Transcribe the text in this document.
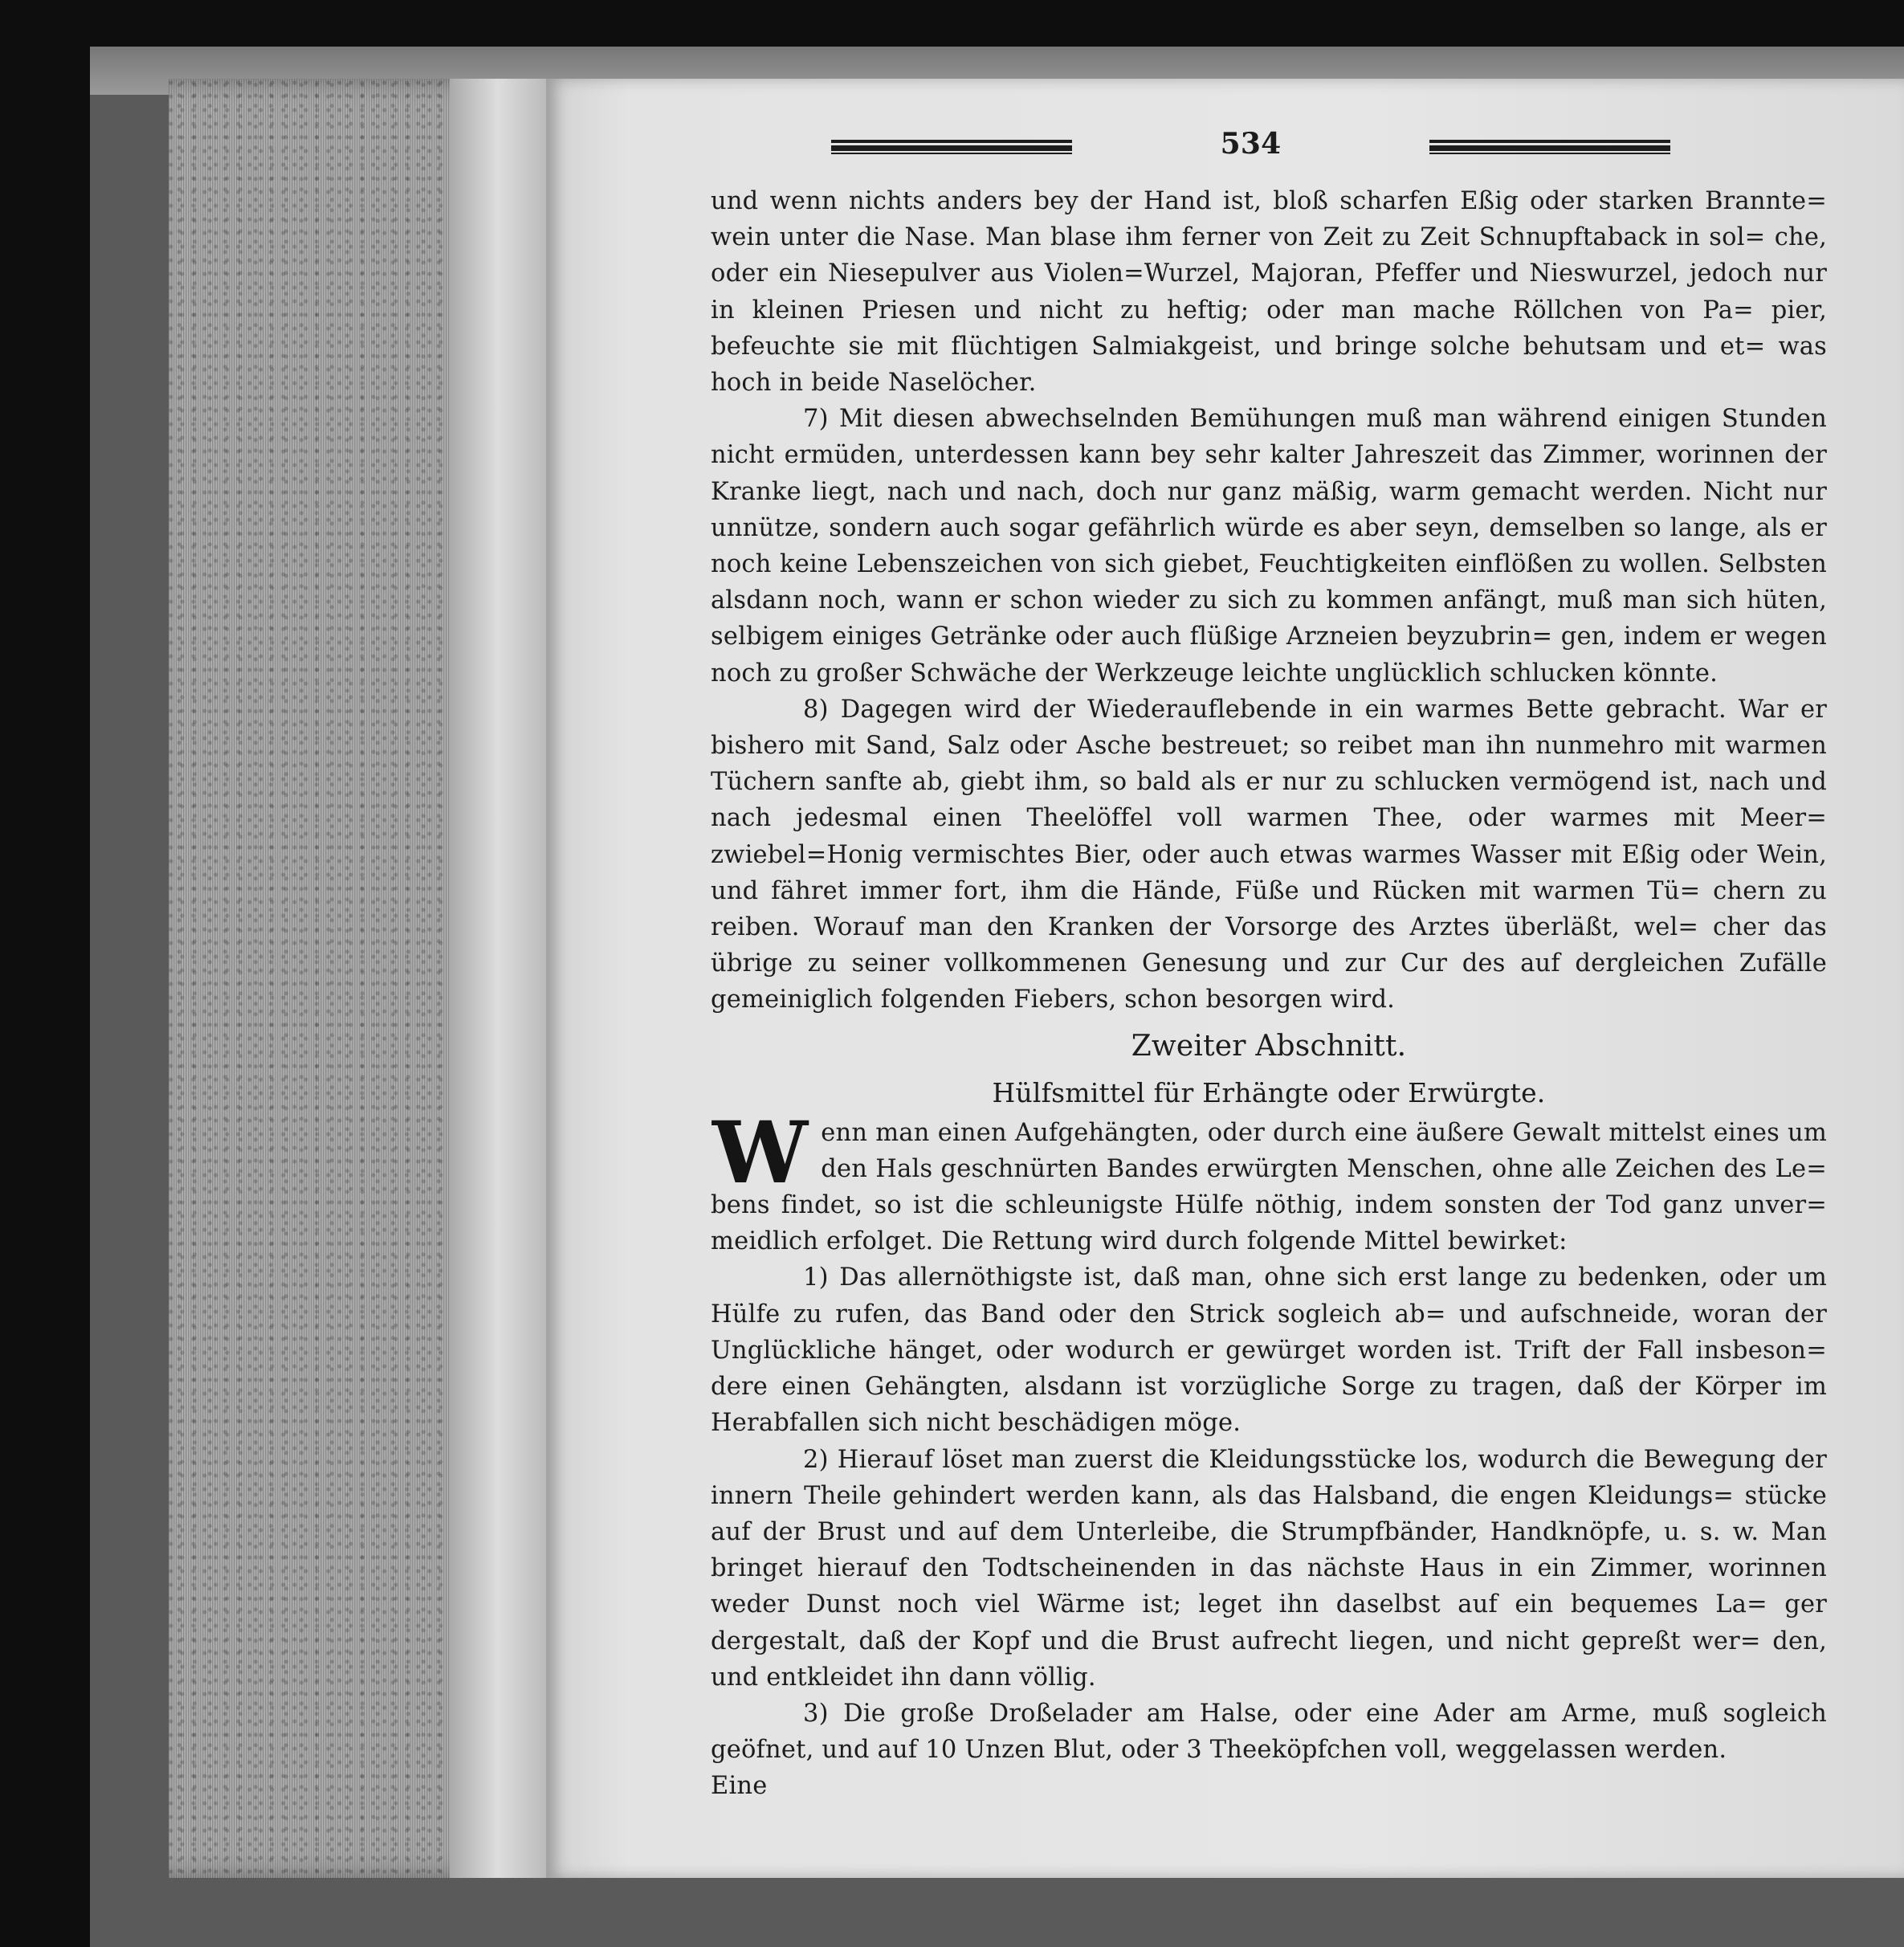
534

und wenn nichts anders bey der Hand ist, bloß scharfen Eßig oder starken Brannte= wein unter die Nase. Man blase ihm ferner von Zeit zu Zeit Schnupftaback in sol= che, oder ein Niesepulver aus Violen=Wurzel, Majoran, Pfeffer und Nieswurzel, jedoch nur in kleinen Priesen und nicht zu heftig; oder man mache Röllchen von Pa= pier, befeuchte sie mit flüchtigen Salmiakgeist, und bringe solche behutsam und et= was hoch in beide Naselöcher.

7) Mit diesen abwechselnden Bemühungen muß man während einigen Stunden nicht ermüden, unterdessen kann bey sehr kalter Jahreszeit das Zimmer, worinnen der Kranke liegt, nach und nach, doch nur ganz mäßig, warm gemacht werden. Nicht nur unnütze, sondern auch sogar gefährlich würde es aber seyn, demselben so lange, als er noch keine Lebenszeichen von sich giebet, Feuchtigkeiten einflößen zu wollen. Selbsten alsdann noch, wann er schon wieder zu sich zu kommen anfängt, muß man sich hüten, selbigem einiges Getränke oder auch flüßige Arzneien beyzubrin= gen, indem er wegen noch zu großer Schwäche der Werkzeuge leichte unglücklich schlucken könnte.

8) Dagegen wird der Wiederauflebende in ein warmes Bette gebracht. War er bishero mit Sand, Salz oder Asche bestreuet; so reibet man ihn nunmehro mit warmen Tüchern sanfte ab, giebt ihm, so bald als er nur zu schlucken vermögend ist, nach und nach jedesmal einen Theelöffel voll warmen Thee, oder warmes mit Meer= zwiebel=Honig vermischtes Bier, oder auch etwas warmes Wasser mit Eßig oder Wein, und fähret immer fort, ihm die Hände, Füße und Rücken mit warmen Tü= chern zu reiben. Worauf man den Kranken der Vorsorge des Arztes überläßt, wel= cher das übrige zu seiner vollkommenen Genesung und zur Cur des auf dergleichen Zufälle gemeiniglich folgenden Fiebers, schon besorgen wird.

Zweiter Abschnitt.

Hülfsmittel für Erhängte oder Erwürgte.

Wenn man einen Aufgehängten, oder durch eine äußere Gewalt mittelst eines um den Hals geschnürten Bandes erwürgten Menschen, ohne alle Zeichen des Le= bens findet, so ist die schleunigste Hülfe nöthig, indem sonsten der Tod ganz unver= meidlich erfolget. Die Rettung wird durch folgende Mittel bewirket:

1) Das allernöthigste ist, daß man, ohne sich erst lange zu bedenken, oder um Hülfe zu rufen, das Band oder den Strick sogleich ab= und aufschneide, woran der Unglückliche hänget, oder wodurch er gewürget worden ist. Trift der Fall insbeson= dere einen Gehängten, alsdann ist vorzügliche Sorge zu tragen, daß der Körper im Herabfallen sich nicht beschädigen möge.

2) Hierauf löset man zuerst die Kleidungsstücke los, wodurch die Bewegung der innern Theile gehindert werden kann, als das Halsband, die engen Kleidungs= stücke auf der Brust und auf dem Unterleibe, die Strumpfbänder, Handknöpfe, u. s. w. Man bringet hierauf den Todtscheinenden in das nächste Haus in ein Zimmer, worinnen weder Dunst noch viel Wärme ist; leget ihn daselbst auf ein bequemes La= ger dergestalt, daß der Kopf und die Brust aufrecht liegen, und nicht gepreßt wer= den, und entkleidet ihn dann völlig.

3) Die große Droßelader am Halse, oder eine Ader am Arme, muß sogleich geöfnet, und auf 10 Unzen Blut, oder 3 Theeköpfchen voll, weggelassen werden.

Eine
